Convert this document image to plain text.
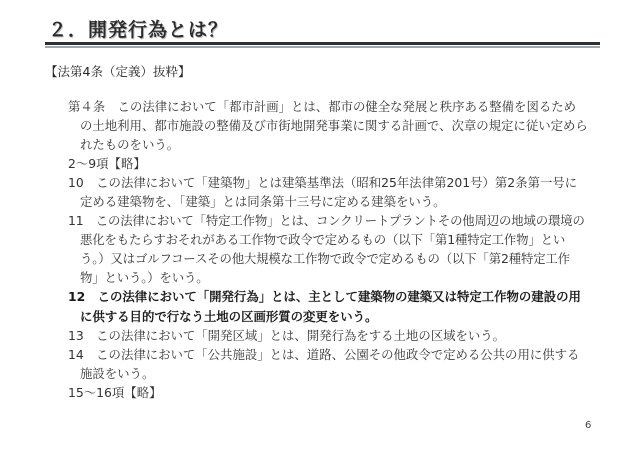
２．開発行為とは？
【法第4条（定義）抜粋】

第４条　この法律において「都市計画」とは、都市の健全な発展と秩序ある整備を図るための土地利用、都市施設の整備及び市街地開発事業に関する計画で、次章の規定に従い定められたものをいう。

2～9項【略】

10　この法律において「建築物」とは建築基準法（昭和25年法律第201号）第2条第一号に定める建築物を、「建築」とは同条第十三号に定める建築をいう。

11　この法律において「特定工作物」とは、コンクリートプラントその他周辺の地域の環境の悪化をもたらすおそれがある工作物で政令で定めるもの（以下「第1種特定工作物」という。）又はゴルフコースその他大規模な工作物で政令で定めるもの（以下「第2種特定工作物」という。）をいう。

12　この法律において「開発行為」とは、主として建築物の建築又は特定工作物の建設の用に供する目的で行なう土地の区画形質の変更をいう。

13　この法律において「開発区域」とは、開発行為をする土地の区域をいう。

14　この法律において「公共施設」とは、道路、公園その他政令で定める公共の用に供する施設をいう。

15～16項【略】

6
